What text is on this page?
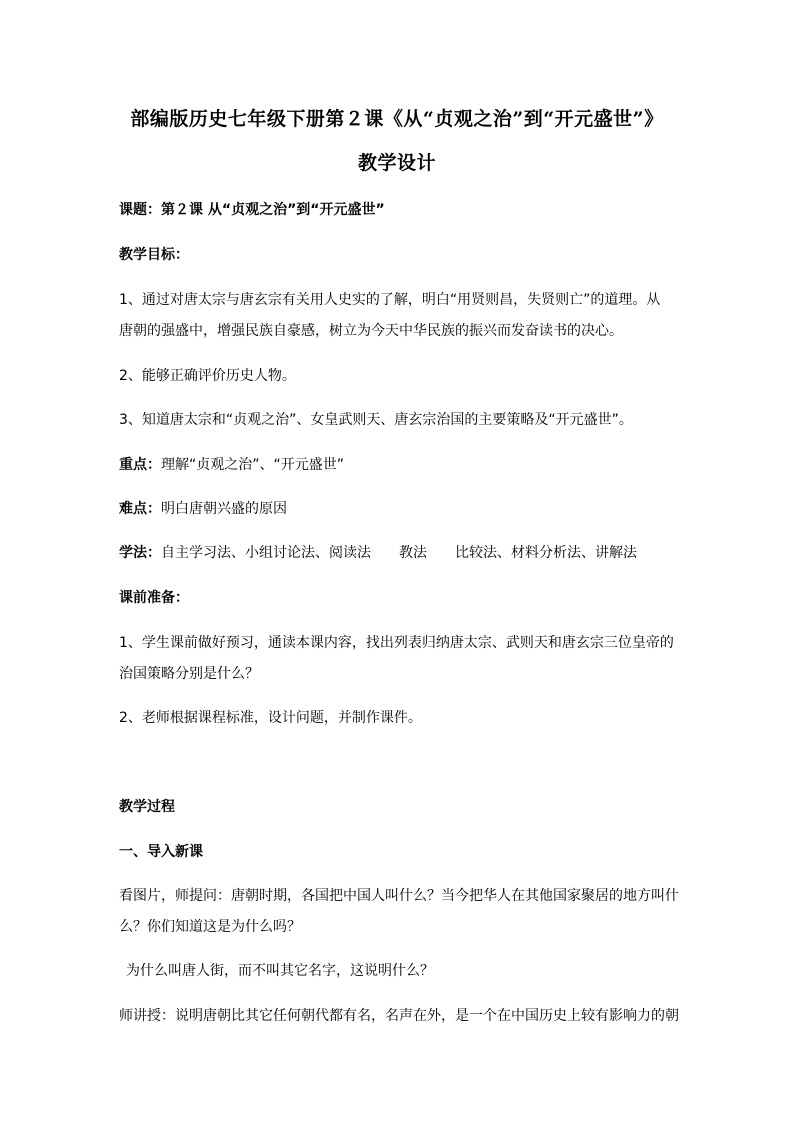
部编版历史七年级下册第２课《从“贞观之治”到“开元盛世”》
教学设计
课题：第２课 从“贞观之治”到“开元盛世”
教学目标：
1、通过对唐太宗与唐玄宗有关用人史实的了解，明白“用贤则昌，失贤则亡”的道理。从
唐朝的强盛中，增强民族自豪感，树立为今天中华民族的振兴而发奋读书的决心。
2、能够正确评价历史人物。
3、知道唐太宗和“贞观之治”、女皇武则天、唐玄宗治国的主要策略及“开元盛世”。
重点：理解“贞观之治”、“开元盛世”
难点：明白唐朝兴盛的原因
学法：自主学习法、小组讨论法、阅读法　　教法　　比较法、材料分析法、讲解法
课前准备：
1、学生课前做好预习，通读本课内容，找出列表归纳唐太宗、武则天和唐玄宗三位皇帝的
治国策略分别是什么？
2、老师根据课程标准，设计问题，并制作课件。
教学过程
一、导入新课
看图片，师提问：唐朝时期，各国把中国人叫什么？当今把华人在其他国家聚居的地方叫什
么？你们知道这是为什么吗？
为什么叫唐人街，而不叫其它名字，这说明什么？
师讲授：说明唐朝比其它任何朝代都有名，名声在外，是一个在中国历史上较有影响力的朝
